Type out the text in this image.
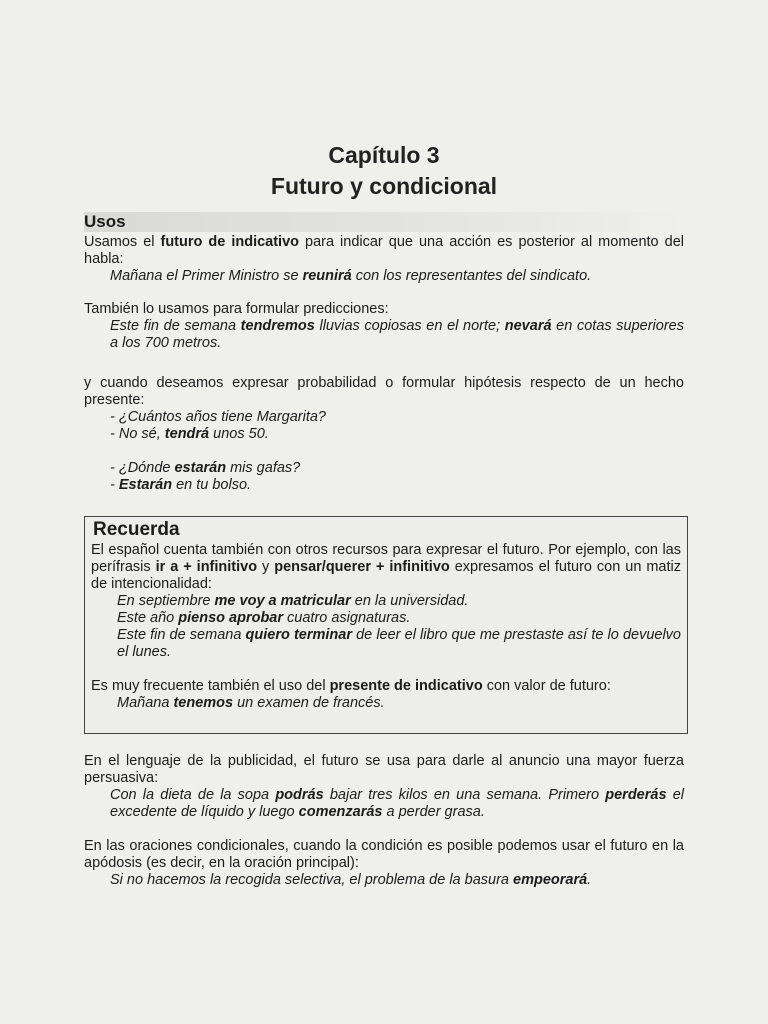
Capítulo 3
Futuro y condicional
Usos

Usamos el futuro de indicativo para indicar que una acción es posterior al momento del habla:

Mañana el Primer Ministro se reunirá con los representantes del sindicato.

También lo usamos para formular predicciones:

Este fin de semana tendremos lluvias copiosas en el norte; nevará en cotas superiores a los 700 metros.

y cuando deseamos expresar probabilidad o formular hipótesis respecto de un hecho presente:

- ¿Cuántos años tiene Margarita?

- No sé, tendrá unos 50.

- ¿Dónde estarán mis gafas?

- Estarán en tu bolso.

Recuerda

El español cuenta también con otros recursos para expresar el futuro. Por ejemplo, con las perífrasis ir a + infinitivo y pensar/querer + infinitivo expresamos el futuro con un matiz de intencionalidad:

En septiembre me voy a matricular en la universidad.

Este año pienso aprobar cuatro asignaturas.

Este fin de semana quiero terminar de leer el libro que me prestaste así te lo devuelvo el lunes.

Es muy frecuente también el uso del presente de indicativo con valor de futuro:

Mañana tenemos un examen de francés.

En el lenguaje de la publicidad, el futuro se usa para darle al anuncio una mayor fuerza persuasiva:

Con la dieta de la sopa podrás bajar tres kilos en una semana. Primero perderás el excedente de líquido y luego comenzarás a perder grasa.

En las oraciones condicionales, cuando la condición es posible podemos usar el futuro en la apódosis (es decir, en la oración principal):

Si no hacemos la recogida selectiva, el problema de la basura empeorará.
